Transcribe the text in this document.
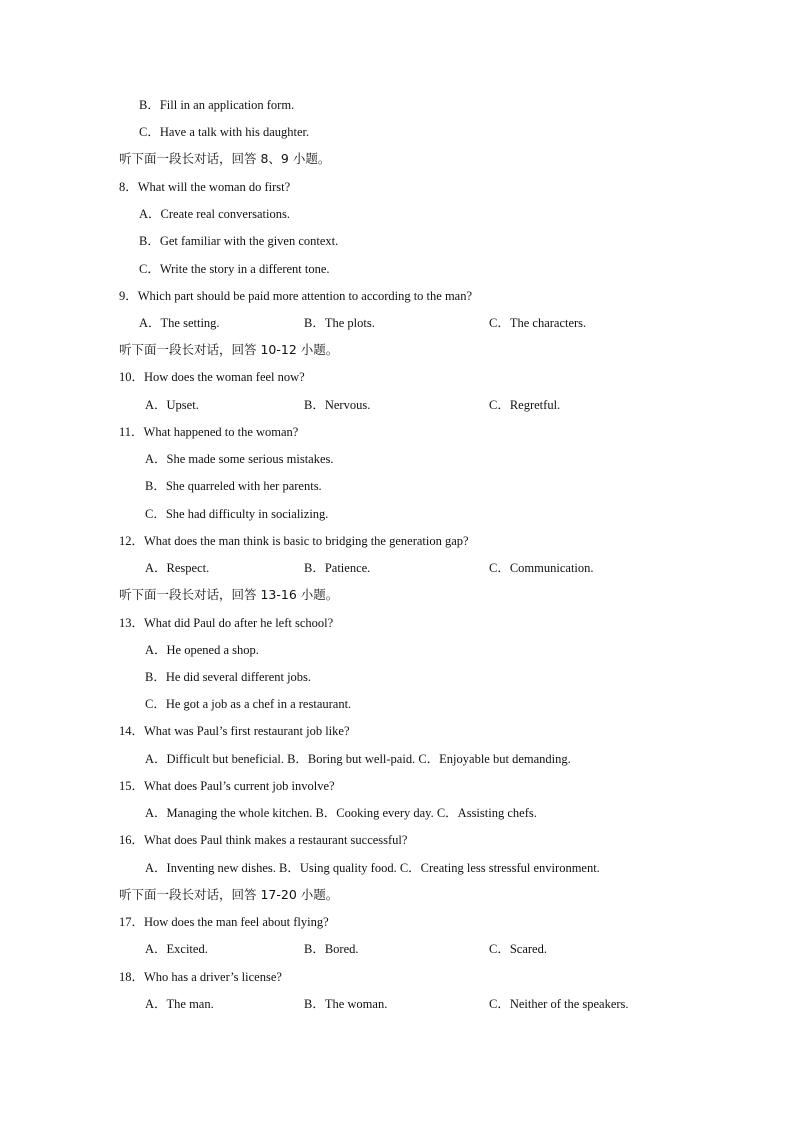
B．Fill in an application form.
C．Have a talk with his daughter.
听下面一段长对话，回答 8、9 小题。
8．What will the woman do first?
A．Create real conversations.
B．Get familiar with the given context.
C．Write the story in a different tone.
9．Which part should be paid more attention to according to the man?
A．The setting.	B．The plots.	C．The characters.
听下面一段长对话，回答 10-12 小题。
10．How does the woman feel now?
A．Upset.	B．Nervous.	C．Regretful.
11．What happened to the woman?
A．She made some serious mistakes.
B．She quarreled with her parents.
C．She had difficulty in socializing.
12．What does the man think is basic to bridging the generation gap?
A．Respect.	B．Patience.	C．Communication.
听下面一段长对话，回答 13-16 小题。
13．What did Paul do after he left school?
A．He opened a shop.
B．He did several different jobs.
C．He got a job as a chef in a restaurant.
14．What was Paul’s first restaurant job like?
A．Difficult but beneficial. B．Boring but well-paid. C．Enjoyable but demanding.
15．What does Paul’s current job involve?
A．Managing the whole kitchen. B．Cooking every day. C．Assisting chefs.
16．What does Paul think makes a restaurant successful?
A．Inventing new dishes. B．Using quality food. C．Creating less stressful environment.
听下面一段长对话，回答 17-20 小题。
17．How does the man feel about flying?
A．Excited.	B．Bored.	C．Scared.
18．Who has a driver’s license?
A．The man.	B．The woman.	C．Neither of the speakers.
